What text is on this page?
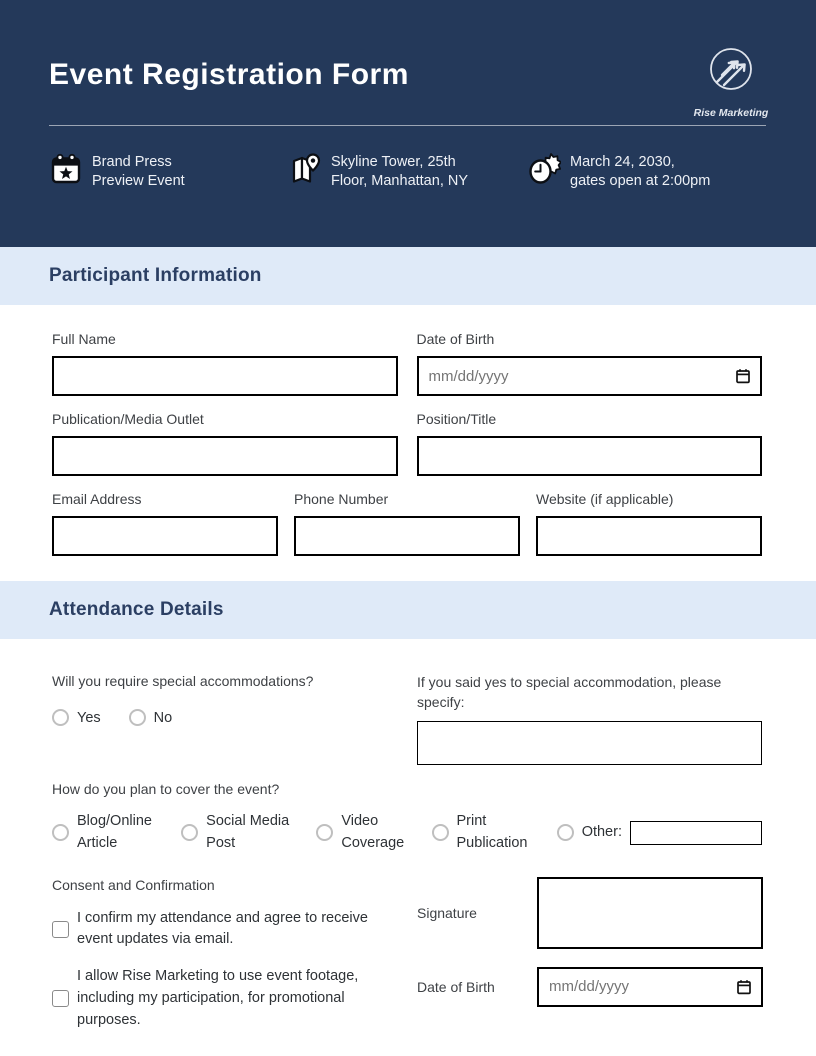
Event Registration Form
Rise Marketing
Brand Press
Preview Event
Skyline Tower, 25th
Floor, Manhattan, NY
March 24, 2030,
gates open at 2:00pm
Participant Information
Full Name	Date of Birth
mm/dd/yyyy
Publication/Media Outlet	Position/Title
Email Address	Phone Number	Website (if applicable)
Attendance Details
Will you require special accommodations?
Yes	No
If you said yes to special accommodation, please specify:
How do you plan to cover the event?
Blog/Online Article
Social Media Post
Video Coverage
Print Publication
Other:
Consent and Confirmation
I confirm my attendance and agree to receive event updates via email.
I allow Rise Marketing to use event footage, including my participation, for promotional purposes.
Signature
Date of Birth
mm/dd/yyyy
